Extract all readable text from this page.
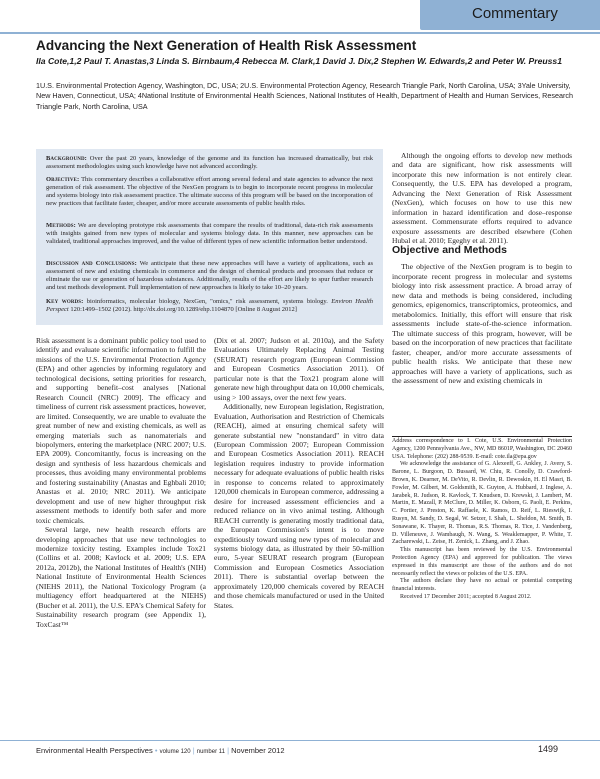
Commentary
Advancing the Next Generation of Health Risk Assessment
Ila Cote,1,2 Paul T. Anastas,3 Linda S. Birnbaum,4 Rebecca M. Clark,1 David J. Dix,2 Stephen W. Edwards,2 and Peter W. Preuss1
1U.S. Environmental Protection Agency, Washington, DC, USA; 2U.S. Environmental Protection Agency, Research Triangle Park, North Carolina, USA; 3Yale University, New Haven, Connecticut, USA; 4National Institute of Environmental Health Sciences, National Institutes of Health, Department of Health and Human Services, Research Triangle Park, North Carolina, USA
Background: Over the past 20 years, knowledge of the genome and its function has increased dramatically, but risk assessment methodologies using such knowledge have not advanced accordingly.
Objective: This commentary describes a collaborative effort among several federal and state agencies to advance the next generation of risk assessment. The objective of the NexGen program is to begin to incorporate recent progress in molecular and systems biology into risk assessment practice. The ultimate success of this program will be based on the incorporation of new practices that facilitate faster, cheaper, and/or more accurate assessments of public health risks.
Methods: We are developing prototype risk assessments that compare the results of traditional, data-rich risk assessments with insights gained from new types of molecular and systems biology data. In this manner, new approaches can be validated, traditional approaches improved, and the value of different types of new scientific information better understood.
Discussion and Conclusions: We anticipate that these new approaches will have a variety of applications, such as assessment of new and existing chemicals in commerce and the design of chemical products and processes that reduce or eliminate the use or generation of hazardous substances. Additionally, results of the effort are likely to spur further research and test methods development. Full implementation of new approaches is likely to take 10–20 years.
Key words: bioinformatics, molecular biology, NexGen, "omics," risk assessment, systems biology. Environ Health Perspect 120:1499–1502 (2012). http://dx.doi.org/10.1289/ehp.1104870 [Online 8 August 2012]

Although the ongoing efforts to develop new methods and data are significant, how risk assessments will incorporate this new information is not entirely clear. Consequently, the U.S. EPA has developed a program, Advancing the Next Generation of Risk Assessment (NexGen), which focuses on how to use this new information in hazard identification and dose–response assessment. Commensurate efforts required to advance exposure assessments are described elsewhere (Cohen Hubal et al. 2010; Egeghy et al. 2011).

Objective and Methods

The objective of the NexGen program is to begin to incorporate recent progress in molecular and systems biology into risk assessment practice. A broad array of new data and methods is being considered, including genomics, epigenomics, transcriptomics, proteomics, and metabolomics. Initially, this effort will ensure that risk assessments include state-of-the-science information. The ultimate success of this program, however, will be based on the incorporation of new practices that facilitate faster, cheaper, and/or more accurate assessments of public health risks. We anticipate that these new approaches will have a variety of applications, such as the assessment of new and existing chemicals in

Risk assessment is a dominant public policy tool used to identify and evaluate scientific information to fulfill the missions of the U.S. Environmental Protection Agency (EPA) and other agencies by informing regulatory and technological decisions, setting priorities for research, and supporting benefit–cost analyses [National Research Council (NRC) 2009]. The efficacy and timeliness of current risk assessment practices, however, are limited. Consequently, we are unable to evaluate the great number of new and existing chemicals, as well as emerging materials such as nanomaterials and biopolymers, entering the marketplace (NRC 2007; U.S. EPA 2009). Concomitantly, focus is increasing on the design and synthesis of less hazardous chemicals and processes, thus avoiding many environmental problems and fostering sustainability (Anastas and Eghbali 2010; Anastas et al. 2010; NRC 2011). We anticipate development and use of new higher throughput risk assessment methods to identify both safer and more toxic chemicals.

Several large, new health research efforts are developing approaches that use new technologies to modernize toxicity testing. Examples include Tox21 (Collins et al. 2008; Kavlock et al. 2009; U.S. EPA 2012a, 2012b), the National Institutes of Health's (NIH) National Institute of Environmental Health Sciences (NIEHS 2011), the National Toxicology Program (a multiagency effort headquartered at the NIEHS) (Bucher et al. 2011), the U.S. EPA's Chemical Safety for Sustainability research program (see Appendix 1), ToxCast™

(Dix et al. 2007; Judson et al. 2010a), and the Safety Evaluations Ultimately Replacing Animal Testing (SEURAT) research program (European Commission and European Cosmetics Association 2011). Of particular note is that the Tox21 program alone will generate new high throughput data on 10,000 chemicals, using > 100 assays, over the next few years.

Additionally, new European legislation, Registration, Evaluation, Authorisation and Restriction of Chemicals (REACH), aimed at ensuring chemical safety will generate substantial new "nonstandard" in vitro data (European Commission 2007; European Commission and European Cosmetics Association 2011). REACH legislation requires industry to provide information necessary for adequate evaluations of public health risks in response to concerns related to approximately 120,000 chemicals in European commerce, addressing a desire for increased assessment efficiencies and a reduced reliance on in vivo animal testing. Although REACH currently is generating mostly traditional data, the European Commission's intent is to move expeditiously toward using new types of molecular and systems biology data, as illustrated by their 50-million euro, 5-year SEURAT research program (European Commission and European Cosmetics Association 2011). There is substantial overlap between the approximately 120,000 chemicals covered by REACH and those chemicals manufactured or used in the United States.

Address correspondence to I. Cote, U.S. Environmental Protection Agency, 1200 Pennsylvania Ave., NW, MD 8601P, Washington, DC 20460 USA. Telephone: (202) 288-9539. E-mail: cote.ila@epa.gov
We acknowledge the assistance of G. Alexeeff, G. Ankley, J. Avery, S. Barone, L. Burgoon, D. Bussard, W. Chiu, R. Conolly, D. Crawford-Brown, K. Dearner, M. DeVito, R. Devlin, R. Dewoskin, H. El Masri, B. Fowler, M. Gilbert, M. Goldsmith, K. Guyton, A. Hubbard, J. Inglese, A. Jarabek, R. Judson, R. Kavlock, T. Knudsen, D. Krewski, J. Lambert, M. Martin, E. Mazall, P. McClure, D. Miller, K. Osborn, G. Paoli, E. Perkins, C. Portier, J. Preston, K. Raffaele, K. Ramos, D. Reif, L. Rieswijk, I. Rusyn, M. Sandy, D. Segal, W. Setzer, I. Shah, L. Sheldon, M. Smith, B. Sonawane, K. Thayer, R. Thomas, R.S. Thomas, R. Tice, J. Vandenberg, D. Villeneuve, J. Wambaugh, N. Wang, S. Weaklemapper, P. White, T. Zacharewski, L. Zeise, H. Zenick, L. Zhang, and J. Zhao.
This manuscript has been reviewed by the U.S. Environmental Protection Agency (EPA) and approved for publication. The views expressed in this manuscript are those of the authors and do not necessarily reflect the views or policies of the U.S. EPA.
The authors declare they have no actual or potential competing financial interests.
Received 17 December 2011; accepted 8 August 2012.
Environmental Health Perspectives • volume 120 | number 11 | November 2012	1499
